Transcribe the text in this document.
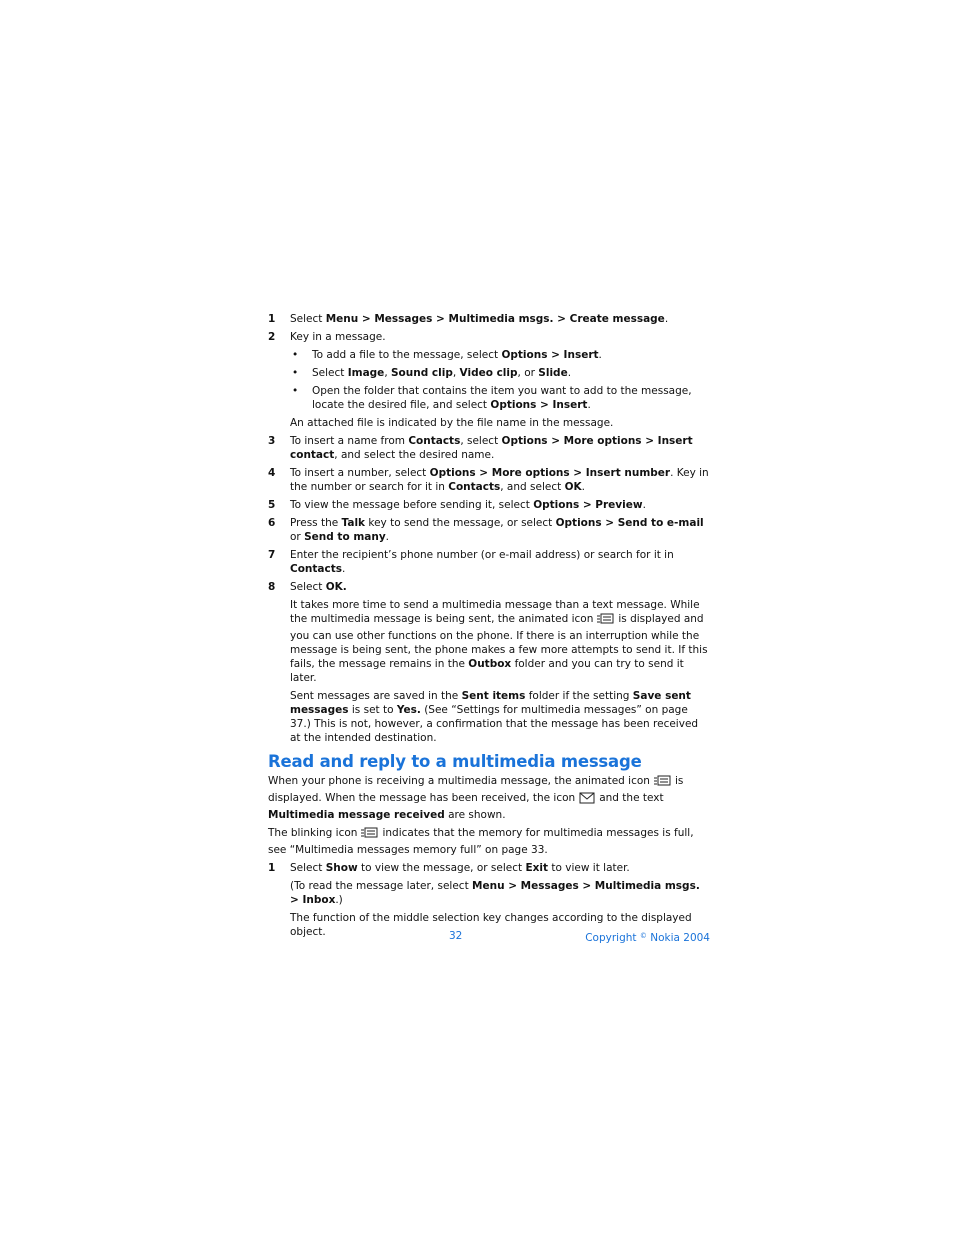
1 Select Menu > Messages > Multimedia msgs. > Create message.
2 Key in a message.
• To add a file to the message, select Options > Insert.
• Select Image, Sound clip, Video clip, or Slide.
• Open the folder that contains the item you want to add to the message, locate the desired file, and select Options > Insert.

An attached file is indicated by the file name in the message.

3 To insert a name from Contacts, select Options > More options > Insert contact, and select the desired name.
4 To insert a number, select Options > More options > Insert number. Key in the number or search for it in Contacts, and select OK.
5 To view the message before sending it, select Options > Preview.
6 Press the Talk key to send the message, or select Options > Send to e-mail or Send to many.
7 Enter the recipient’s phone number (or e-mail address) or search for it in Contacts.
8 Select OK.

It takes more time to send a multimedia message than a text message. While the multimedia message is being sent, the animated icon is displayed and you can use other functions on the phone. If there is an interruption while the message is being sent, the phone makes a few more attempts to send it. If this fails, the message remains in the Outbox folder and you can try to send it later.

Sent messages are saved in the Sent items folder if the setting Save sent messages is set to Yes. (See “Settings for multimedia messages” on page 37.) This is not, however, a confirmation that the message has been received at the intended destination.

Read and reply to a multimedia message

When your phone is receiving a multimedia message, the animated icon is displayed. When the message has been received, the icon and the text Multimedia message received are shown.

The blinking icon indicates that the memory for multimedia messages is full, see “Multimedia messages memory full” on page 33.

1 Select Show to view the message, or select Exit to view it later.

(To read the message later, select Menu > Messages > Multimedia msgs. > Inbox.)

The function of the middle selection key changes according to the displayed object.	32	Copyright © Nokia 2004
